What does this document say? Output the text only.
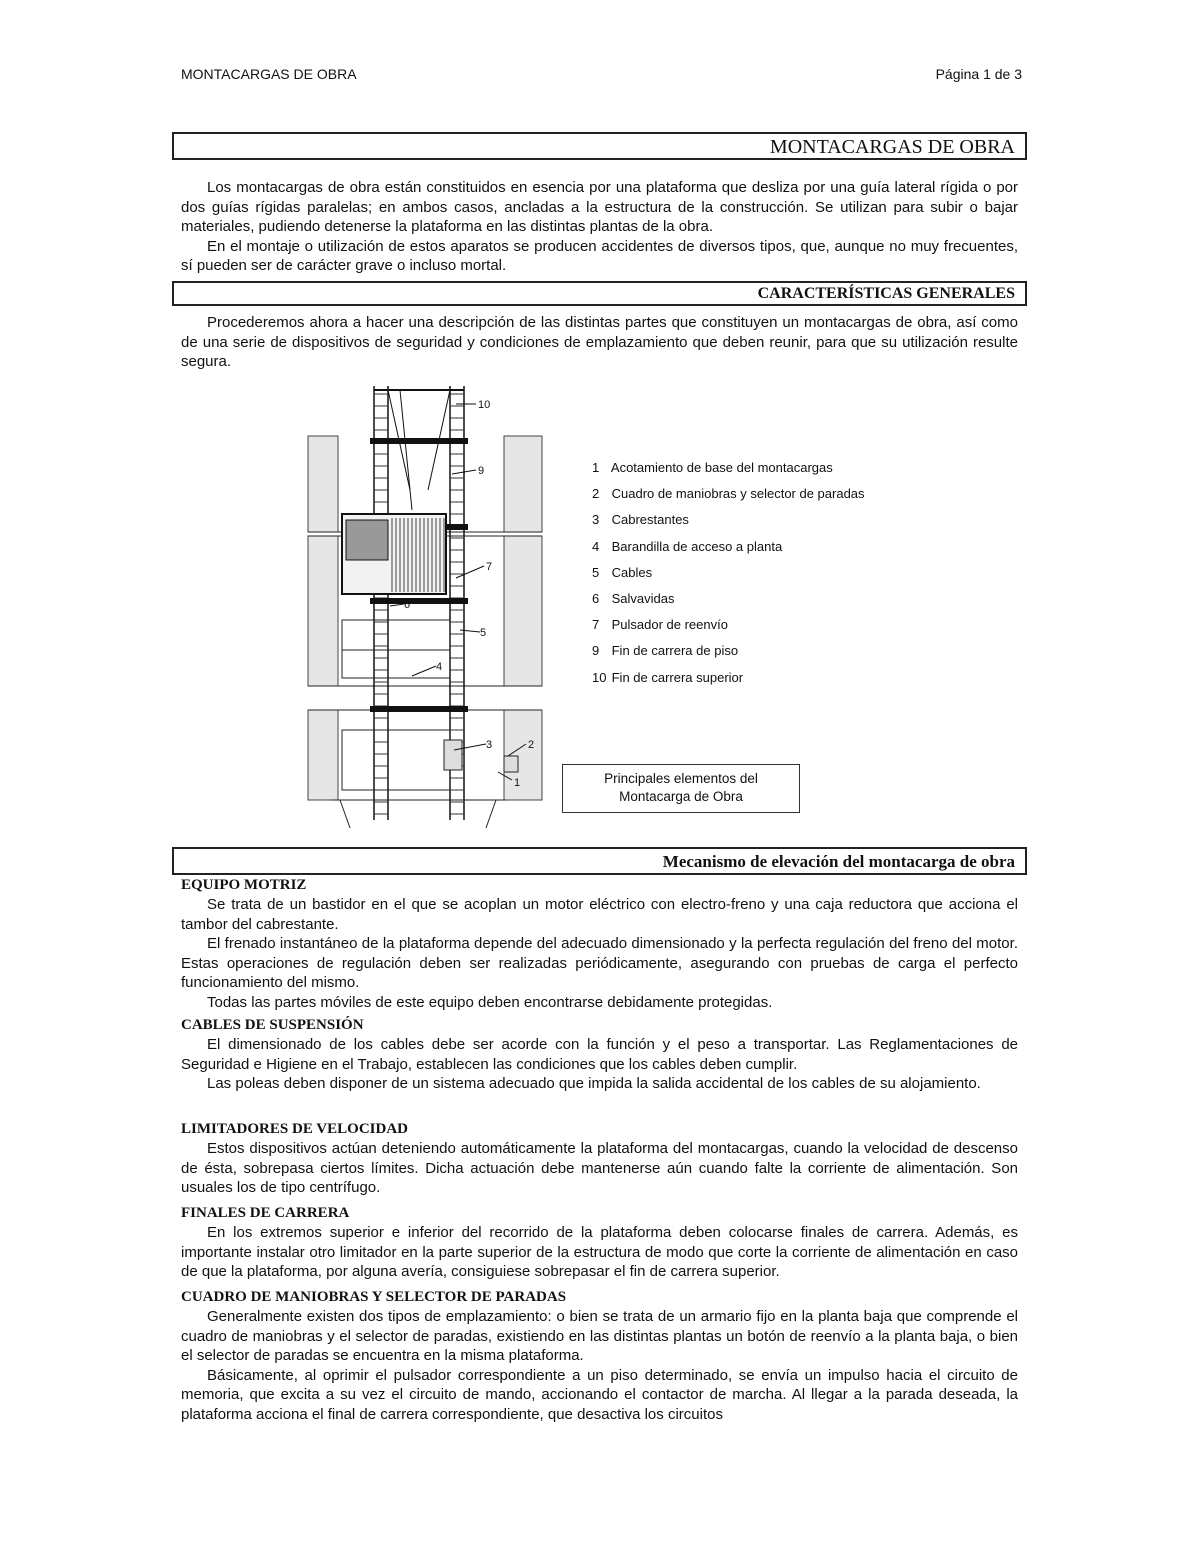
MONTACARGAS DE OBRA	Página 1 de 3
MONTACARGAS DE OBRA
Los montacargas de obra están constituidos en esencia por una plataforma que desliza por una guía lateral rígida o por dos guías rígidas paralelas; en ambos casos, ancladas a la estructura de la construcción. Se utilizan para subir o bajar materiales, pudiendo detenerse la plataforma en las distintas plantas de la obra.
En el montaje o utilización de estos aparatos se producen accidentes de diversos tipos, que, aunque no muy frecuentes, sí pueden ser de carácter grave o incluso mortal.
CARACTERÍSTICAS GENERALES
Procederemos ahora a hacer una descripción de las distintas partes que constituyen un montacargas de obra, así como de una serie de dispositivos de seguridad y condiciones de emplazamiento que deben reunir, para que su utilización resulte segura.
1
2
3
4
5
6
7
9
10
1 Acotamiento de base del montacargas
2 Cuadro de maniobras y selector de paradas
3 Cabrestantes
4 Barandilla de acceso a planta
5 Cables
6 Salvavidas
7 Pulsador de reenvío
9 Fin de carrera de piso
10 Fin de carrera superior
Principales elementos del
Montacarga de Obra
Mecanismo de elevación del montacarga de obra
EQUIPO MOTRIZ
Se trata de un bastidor en el que se acoplan un motor eléctrico con electro-freno y una caja reductora que acciona el tambor del cabrestante.
El frenado instantáneo de la plataforma depende del adecuado dimensionado y la perfecta regulación del freno del motor. Estas operaciones de regulación deben ser realizadas periódicamente, asegurando con pruebas de carga el perfecto funcionamiento del mismo.
Todas las partes móviles de este equipo deben encontrarse debidamente protegidas.
CABLES DE SUSPENSIÓN
El dimensionado de los cables debe ser acorde con la función y el peso a transportar. Las Reglamentaciones de Seguridad e Higiene en el Trabajo, establecen las condiciones que los cables deben cumplir.
Las poleas deben disponer de un sistema adecuado que impida la salida accidental de los cables de su alojamiento.
LIMITADORES DE VELOCIDAD
Estos dispositivos actúan deteniendo automáticamente la plataforma del montacargas, cuando la velocidad de descenso de ésta, sobrepasa ciertos límites. Dicha actuación debe mantenerse aún cuando falte la corriente de alimentación. Son usuales los de tipo centrífugo.
FINALES DE CARRERA
En los extremos superior e inferior del recorrido de la plataforma deben colocarse finales de carrera. Además, es importante instalar otro limitador en la parte superior de la estructura de modo que corte la corriente de alimentación en caso de que la plataforma, por alguna avería, consiguiese sobrepasar el fin de carrera superior.
CUADRO DE MANIOBRAS Y SELECTOR DE PARADAS
Generalmente existen dos tipos de emplazamiento: o bien se trata de un armario fijo en la planta baja que comprende el cuadro de maniobras y el selector de paradas, existiendo en las distintas plantas un botón de reenvío a la planta baja, o bien el selector de paradas se encuentra en la misma plataforma.
Básicamente, al oprimir el pulsador correspondiente a un piso determinado, se envía un impulso hacia el circuito de memoria, que excita a su vez el circuito de mando, accionando el contactor de marcha. Al llegar a la parada deseada, la plataforma acciona el final de carrera correspondiente, que desactiva los circuitos
